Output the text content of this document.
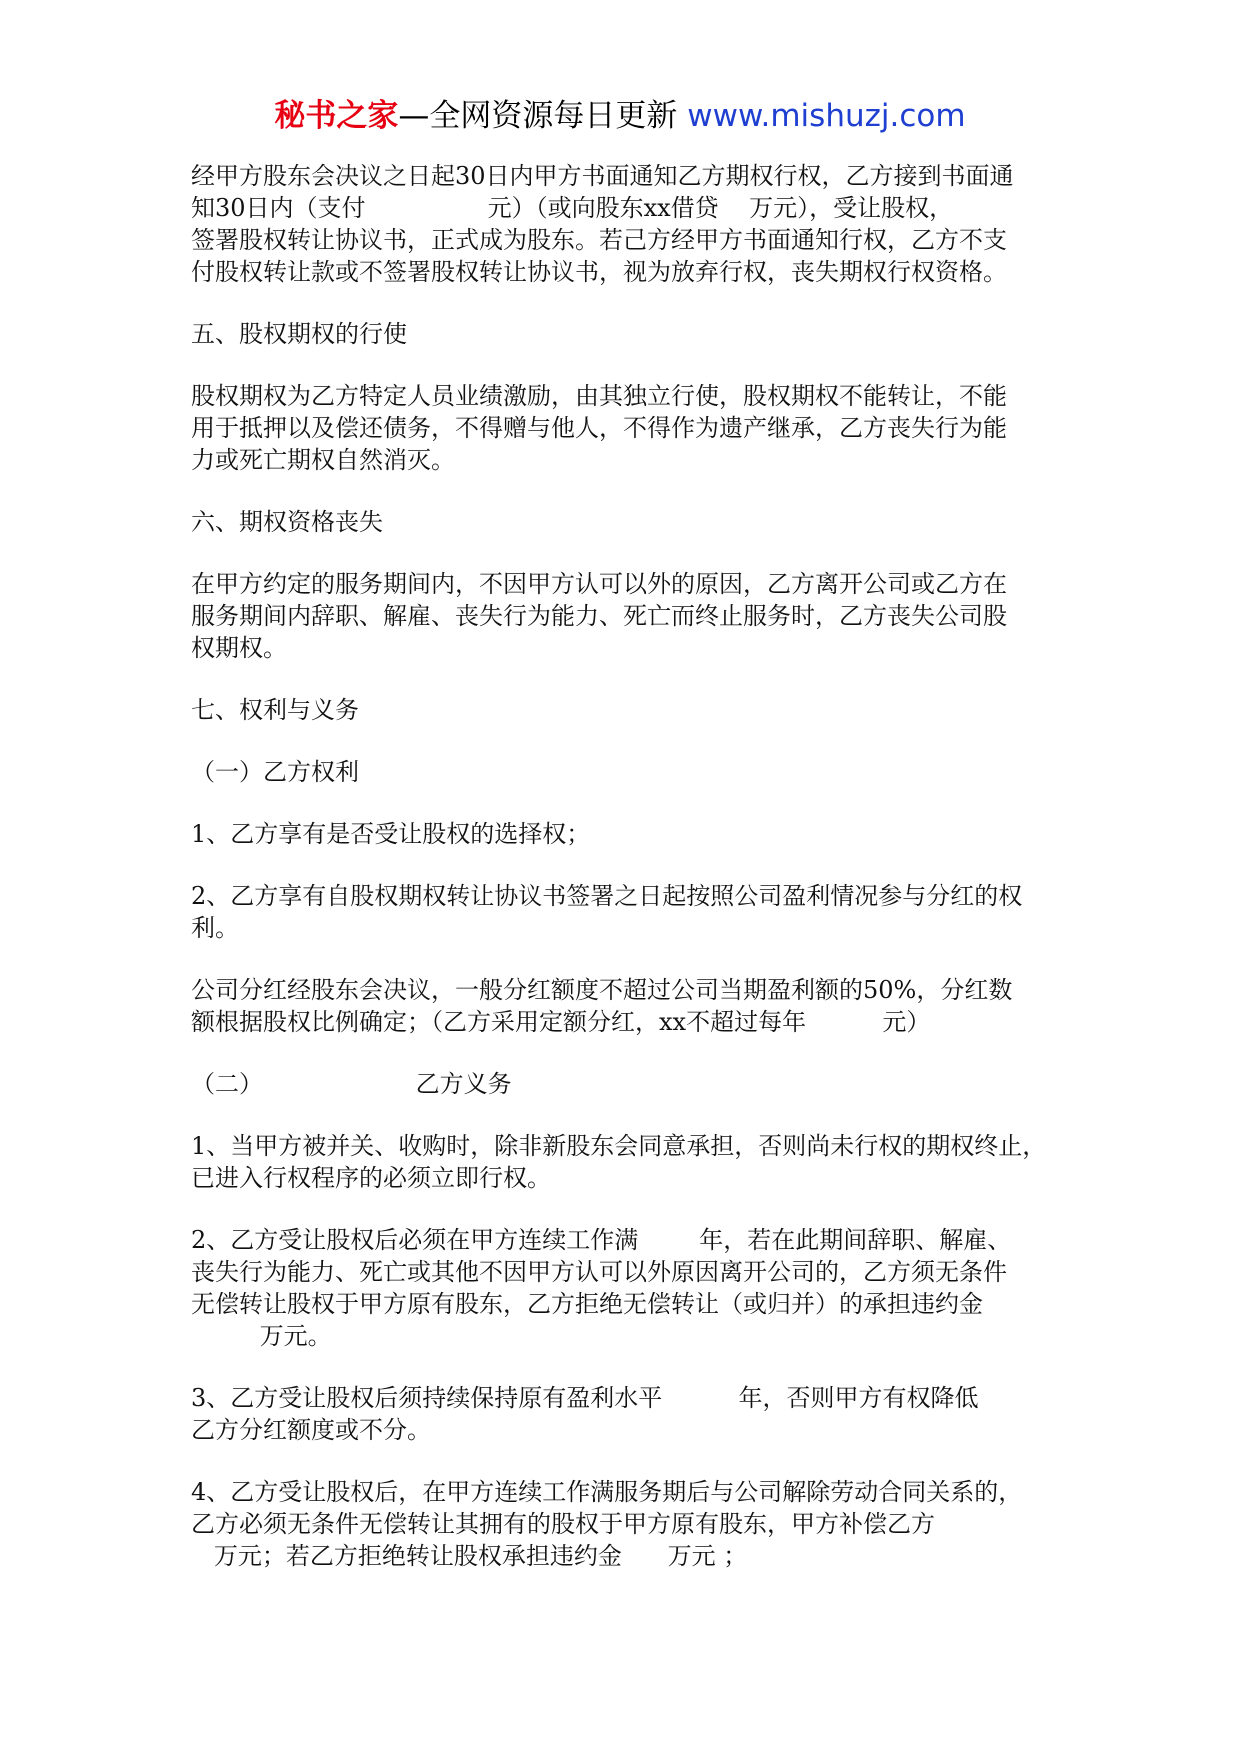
秘书之家—全网资源每日更新 www.mishuzj.com
经甲方股东会决议之日起30日内甲方书面通知乙方期权行权，乙方接到书面通
知30日内（支付                元）（或向股东xx借贷    万元），受让股权，
签署股权转让协议书，正式成为股东。若己方经甲方书面通知行权，乙方不支
付股权转让款或不签署股权转让协议书，视为放弃行权，丧失期权行权资格。
五、股权期权的行使
股权期权为乙方特定人员业绩激励，由其独立行使，股权期权不能转让，不能
用于抵押以及偿还债务，不得赠与他人，不得作为遗产继承，乙方丧失行为能
力或死亡期权自然消灭。
六、期权资格丧失
在甲方约定的服务期间内，不因甲方认可以外的原因，乙方离开公司或乙方在
服务期间内辞职、解雇、丧失行为能力、死亡而终止服务时，乙方丧失公司股
权期权。
七、权利与义务
（一）乙方权利
1、乙方享有是否受让股权的选择权；
2、乙方享有自股权期权转让协议书签署之日起按照公司盈利情况参与分红的权
利。
公司分红经股东会决议，一般分红额度不超过公司当期盈利额的50%，分红数
额根据股权比例确定；（乙方采用定额分红，xx不超过每年          元）
（二）                    乙方义务
1、当甲方被并关、收购时，除非新股东会同意承担，否则尚未行权的期权终止，
已进入行权程序的必须立即行权。
2、乙方受让股权后必须在甲方连续工作满        年，若在此期间辞职、解雇、
丧失行为能力、死亡或其他不因甲方认可以外原因离开公司的，乙方须无条件
无偿转让股权于甲方原有股东，乙方拒绝无偿转让（或归并）的承担违约金
万元。
3、乙方受让股权后须持续保持原有盈利水平          年，否则甲方有权降低
乙方分红额度或不分。
4、乙方受让股权后，在甲方连续工作满服务期后与公司解除劳动合同关系的，
乙方必须无条件无偿转让其拥有的股权于甲方原有股东，甲方补偿乙方
万元；若乙方拒绝转让股权承担违约金      万元 ；
